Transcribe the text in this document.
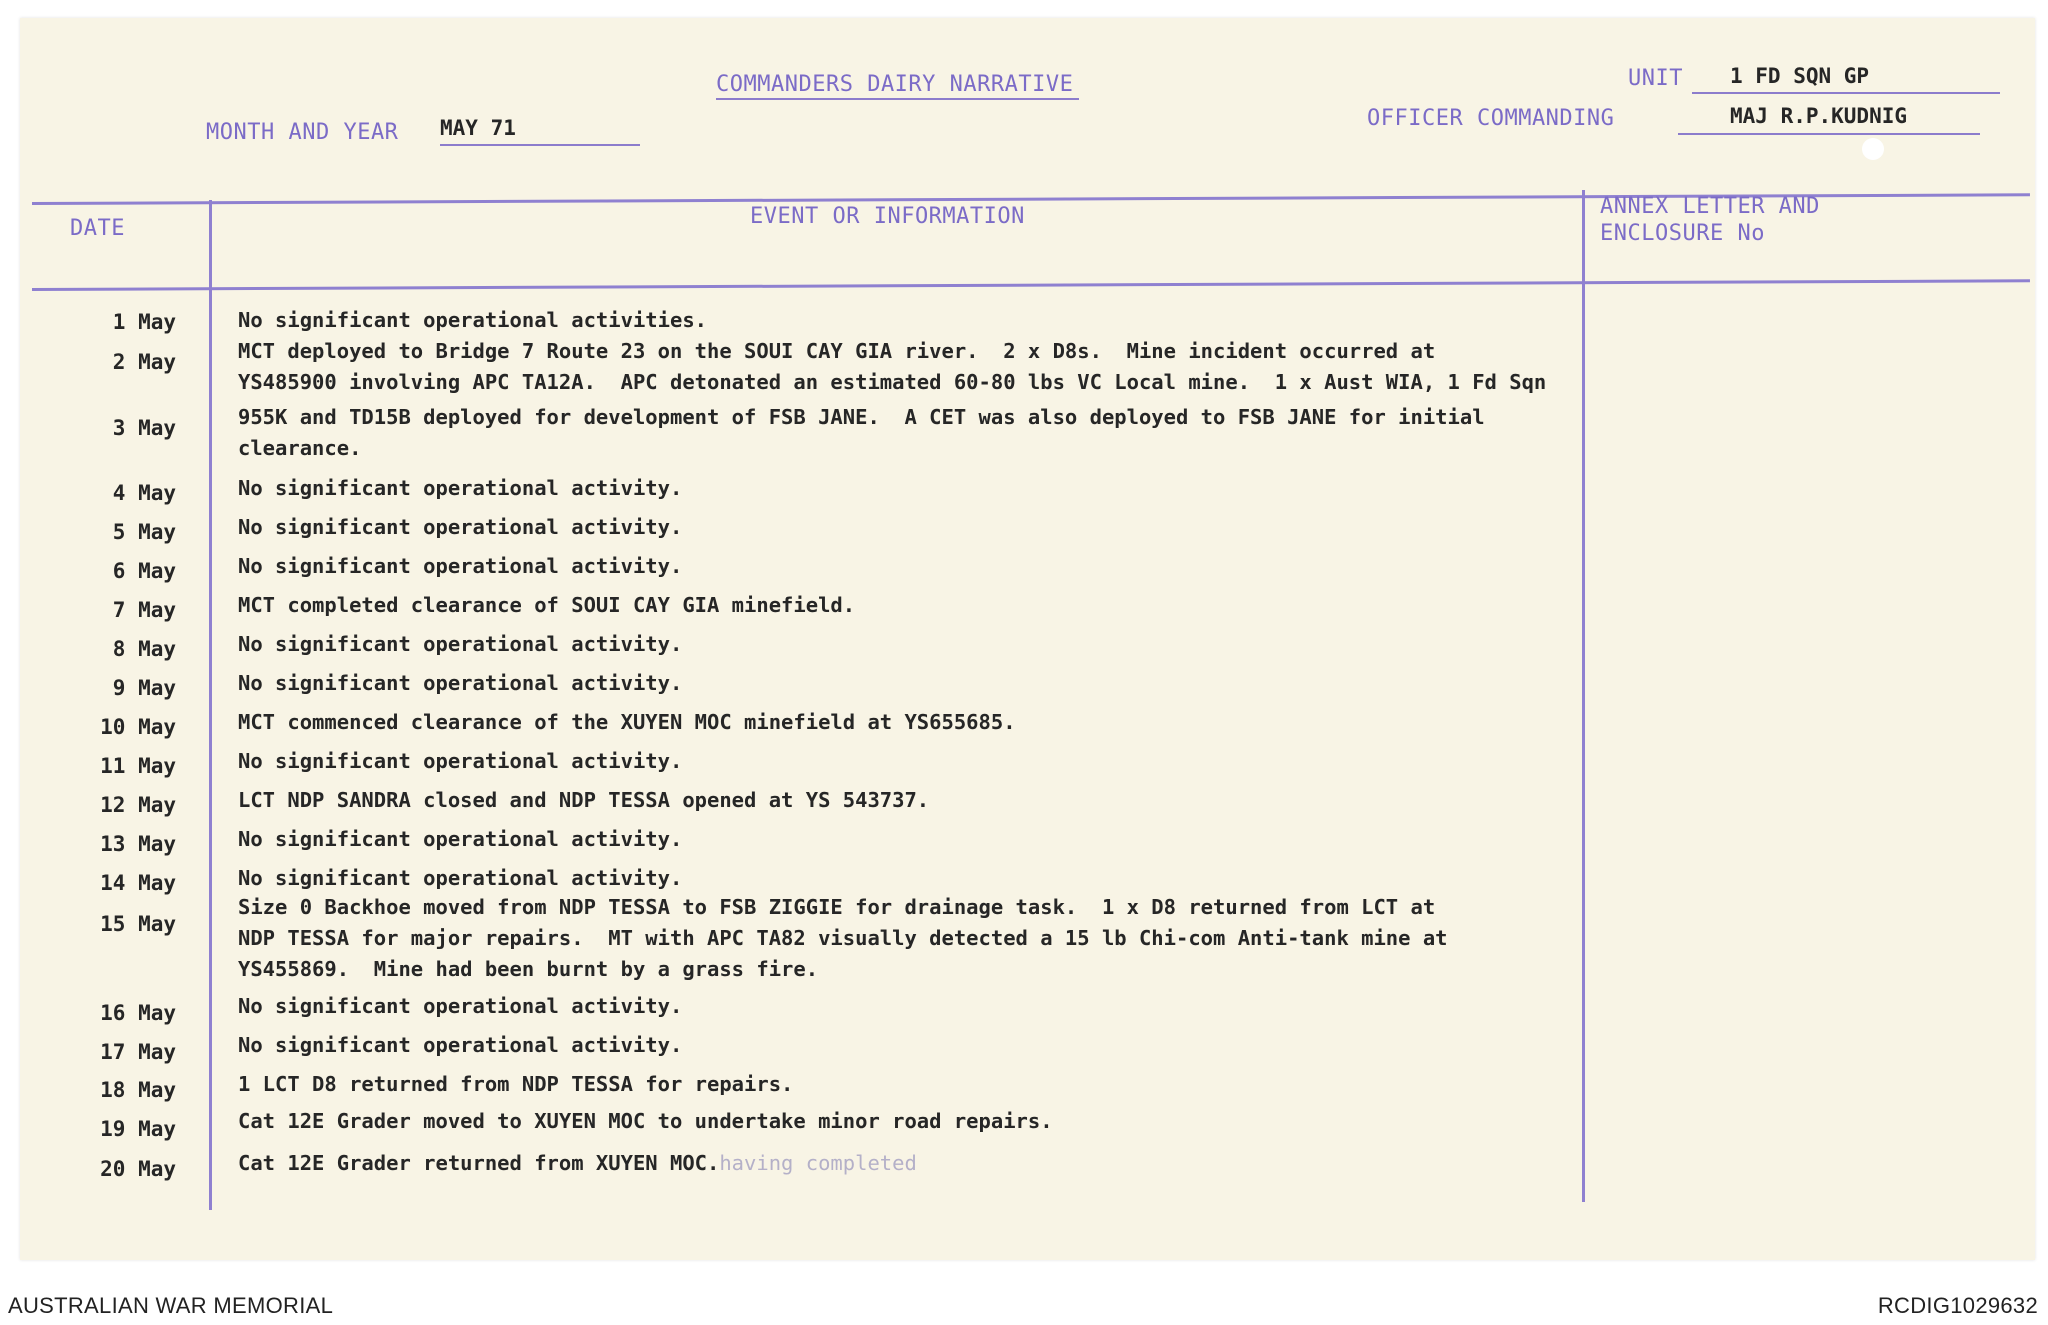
COMMANDERS DAIRY NARRATIVE
MONTH AND YEAR MAY 71
UNIT	1 FD SQN GP
OFFICER COMMANDING	MAJ R.P.KUDNIG
DATE	EVENT OR INFORMATION	ANNEX LETTER AND
ENCLOSURE No
1 May	No significant operational activities.
2 May	MCT deployed to Bridge 7 Route 23 on the SOUI CAY GIA river.  2 x D8s.  Mine incident occurred at
YS485900 involving APC TA12A.  APC detonated an estimated 60-80 lbs VC Local mine.  1 x Aust WIA, 1 Fd Sqn
3 May	955K and TD15B deployed for development of FSB JANE.  A CET was also deployed to FSB JANE for initial
clearance.
4 May	No significant operational activity.
5 May	No significant operational activity.
6 May	No significant operational activity.
7 May	MCT completed clearance of SOUI CAY GIA minefield.
8 May	No significant operational activity.
9 May	No significant operational activity.
10 May	MCT commenced clearance of the XUYEN MOC minefield at YS655685.
11 May	No significant operational activity.
12 May	LCT NDP SANDRA closed and NDP TESSA opened at YS 543737.
13 May	No significant operational activity.
14 May	No significant operational activity.
15 May
Size 0 Backhoe moved from NDP TESSA to FSB ZIGGIE for drainage task.  1 x D8 returned from LCT at
NDP TESSA for major repairs.  MT with APC TA82 visually detected a 15 lb Chi-com Anti-tank mine at
YS455869.  Mine had been burnt by a grass fire.
16 May	No significant operational activity.
17 May	No significant operational activity.
18 May	1 LCT D8 returned from NDP TESSA for repairs.
19 May	Cat 12E Grader moved to XUYEN MOC to undertake minor road repairs.
20 May	Cat 12E Grader returned from XUYEN MOC.having completed
AUSTRALIAN WAR MEMORIAL	RCDIG1029632
